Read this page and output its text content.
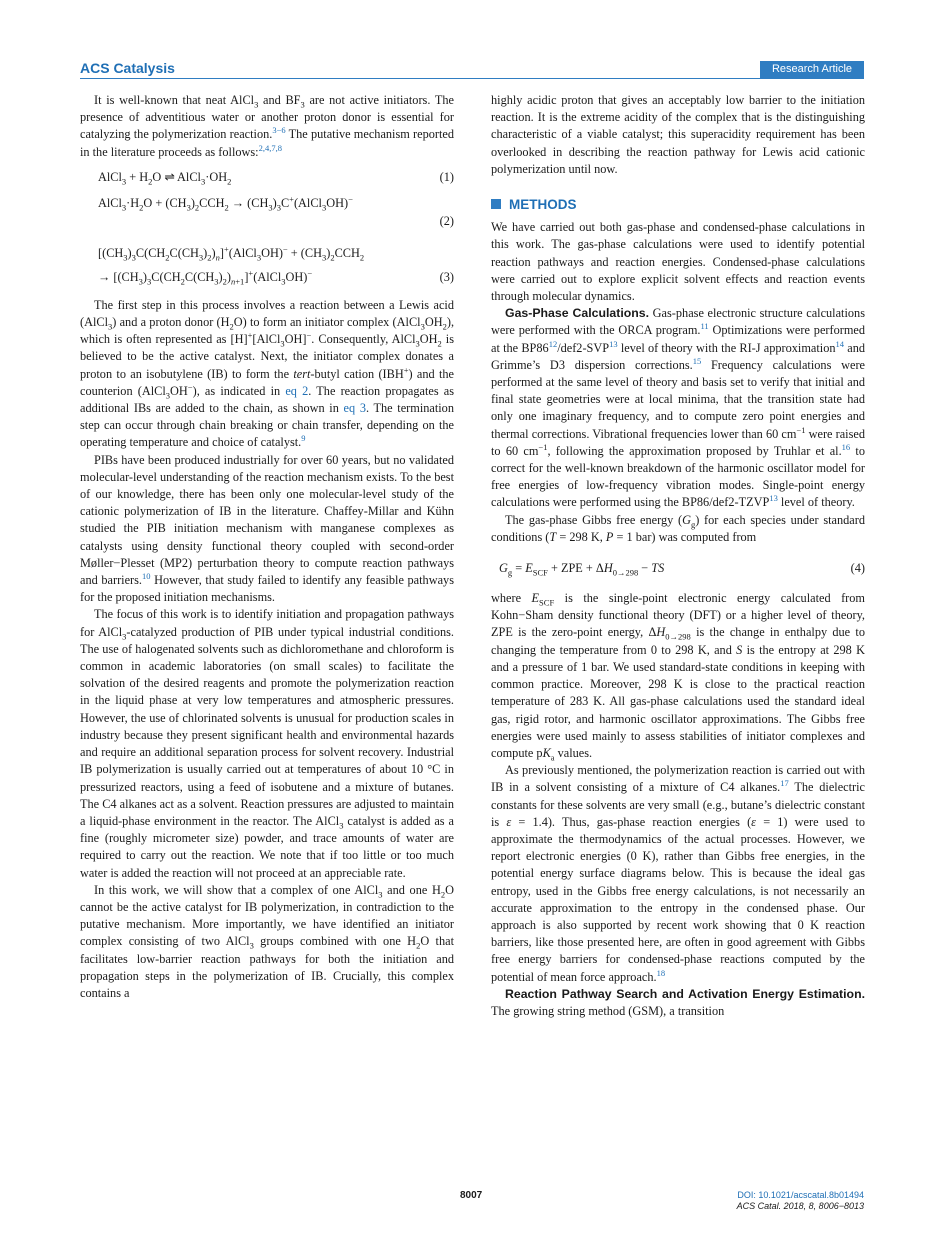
ACS Catalysis	Research Article

It is well-known that neat AlCl$_3$ and $BF_3$ are not active initiators. The presence of adventitious water or another proton donor is essential for catalyzing the polymerization reaction.$^{3-6}$ The putative mechanism reported in the literature proceeds as follows:$^{2,4,7,8}$

AlCl$_3$ + $H_2O$ ⇌ $AlCl_3\cdot OH_2$	(1)
$AlCl_3\cdot H_2O + (CH_3)_2CCH_2$ → $(CH_3)_3C^+(AlCl_3OH)^-$
(2)
$[(CH_3)_3C(CH_2C(CH_3)_2)_n]^+(AlCl_3OH)^- + (CH_3)_2CCH_2$
→ $[(CH_3)_3C(CH_2C(CH_3)_2)_{n+1}]^+(AlCl_3OH)^-$	(3)

The first step in this process involves a reaction between a Lewis acid (AlCl$_3$) and a proton donor $(H_2O)$ to form an initiator complex $(AlCl_3OH_2)$, which is often represented as [H]+[AlCl$_3$OH]−. Consequently, $AlCl_3OH_2$ is believed to be the active catalyst. Next, the initiator complex donates a proton to an isobutylene (IB) to form the tert-butyl cation (IBH+) and the counterion (AlCl$_3$OH−), as indicated in eq 2. The reaction propagates as additional IBs are added to the chain, as shown in eq 3. The termination step can occur through chain breaking or chain transfer, depending on the operating temperature and choice of catalyst.$^9$

PIBs have been produced industrially for over 60 years, but no validated molecular-level understanding of the reaction mechanism exists. To the best of our knowledge, there has been only one molecular-level study of the cationic polymerization of IB in the literature. Chaffey-Millar and Kühn studied the PIB initiation mechanism with manganese complexes as catalysts using density functional theory coupled with second-order Møller−Plesset (MP2) perturbation theory to compute reaction pathways and barriers.$^{10}$ However, that study failed to identify any feasible pathways for the proposed initiation mechanisms.

The focus of this work is to identify initiation and propagation pathways for AlCl$_3$-catalyzed production of PIB under typical industrial conditions. The use of halogenated solvents such as dichloromethane and chloroform is common in academic laboratories (on small scales) to facilitate the solvation of the desired reagents and promote the polymerization reaction in the liquid phase at very low temperatures and atmospheric pressures. However, the use of chlorinated solvents is unusual for production scales in industry because they present significant health and environmental hazards and require an additional separation process for solvent recovery. Industrial IB polymerization is usually carried out at temperatures of about 10 °C in pressurized reactors, using a feed of isobutene and a mixture of butanes. The C4 alkanes act as a solvent. Reaction pressures are adjusted to maintain a liquid-phase environment in the reactor. The AlCl$_3$ catalyst is added as a fine (roughly micrometer size) powder, and trace amounts of water are required to carry out the reaction. We note that if too little or too much water is added the reaction will not proceed at an appreciable rate.

In this work, we will show that a complex of one AlCl$_3$ and one $H_2O$ cannot be the active catalyst for IB polymerization, in contradiction to the putative mechanism. More importantly, we have identified an initiator complex consisting of two AlCl$_3$ groups combined with one $H_2O$ that facilitates low-barrier reaction pathways for both the initiation and propagation steps in the polymerization of IB. Crucially, this complex contains a

highly acidic proton that gives an acceptably low barrier to the initiation reaction. It is the extreme acidity of the complex that is the distinguishing characteristic of a viable catalyst; this superacidity requirement has been overlooked in describing the reaction pathway for Lewis acid cationic polymerization until now.

METHODS

We have carried out both gas-phase and condensed-phase calculations in this work. The gas-phase calculations were used to identify potential reaction pathways and reaction energies. Condensed-phase calculations were carried out to explore explicit solvent effects and reaction events through molecular dynamics.

Gas-Phase Calculations. Gas-phase electronic structure calculations were performed with the ORCA program.$^{11}$ Optimizations were performed at the $BP86^{12}/def2-SVP^{13}$ level of theory with the RI-J approximation$^{14}$ and Grimme’s D3 dispersion corrections.$^{15}$ Frequency calculations were performed at the same level of theory and basis set to verify that initial and final state geometries were at local minima, that the transition state had only one imaginary frequency, and to compute zero point energies and thermal corrections. Vibrational frequencies lower than 60 $cm^{-1}$ were raised to 60 $cm^{-1}$, following the approximation proposed by Truhlar et al.$^{16}$ to correct for the well-known breakdown of the harmonic oscillator model for free energies of low-frequency vibration modes. Single-point energy calculations were performed using the BP86/def2-TZVP$^{13}$ level of theory.

The gas-phase Gibbs free energy $(G_g)$ for each species under standard conditions (T = 298 K, P = 1 bar) was computed from

$G_g = E_{SCF}$ + ZPE + $\Delta H_{0\to 298}$ − TS	(4)

where $E_{SCF}$ is the single-point electronic energy calculated from Kohn−Sham density functional theory (DFT) or a higher level of theory, ZPE is the zero-point energy, $\Delta H_{0\to 298}$ is the change in enthalpy due to changing the temperature from 0 to 298 K, and S is the entropy at 298 K and a pressure of 1 bar. We used standard-state conditions in keeping with common practice. Moreover, 298 K is close to the practical reaction temperature of 283 K. All gas-phase calculations used the standard ideal gas, rigid rotor, and harmonic oscillator approximations. The Gibbs free energies were used mainly to assess stabilities of initiator complexes and compute $pK_a$ values.

As previously mentioned, the polymerization reaction is carried out with IB in a solvent consisting of a mixture of C4 alkanes.$^{17}$ The dielectric constants for these solvents are very small (e.g., butane’s dielectric constant is ε = 1.4). Thus, gas-phase reaction energies (ε = 1) were used to approximate the thermodynamics of the actual processes. However, we report electronic energies (0 K), rather than Gibbs free energies, in the potential energy surface diagrams below. This is because the ideal gas entropy, used in the Gibbs free energy calculations, is not necessarily an accurate approximation to the entropy in the condensed phase. Our approach is also supported by recent work showing that 0 K reaction barriers, like those presented here, are often in good agreement with Gibbs free energy barriers for condensed-phase reactions computed by the potential of mean force approach.$^{18}$

Reaction Pathway Search and Activation Energy Estimation. The growing string method (GSM), a transition

8007	DOI: 10.1021/acscatal.8b01494
ACS Catal. 2018, 8, 8006−8013
